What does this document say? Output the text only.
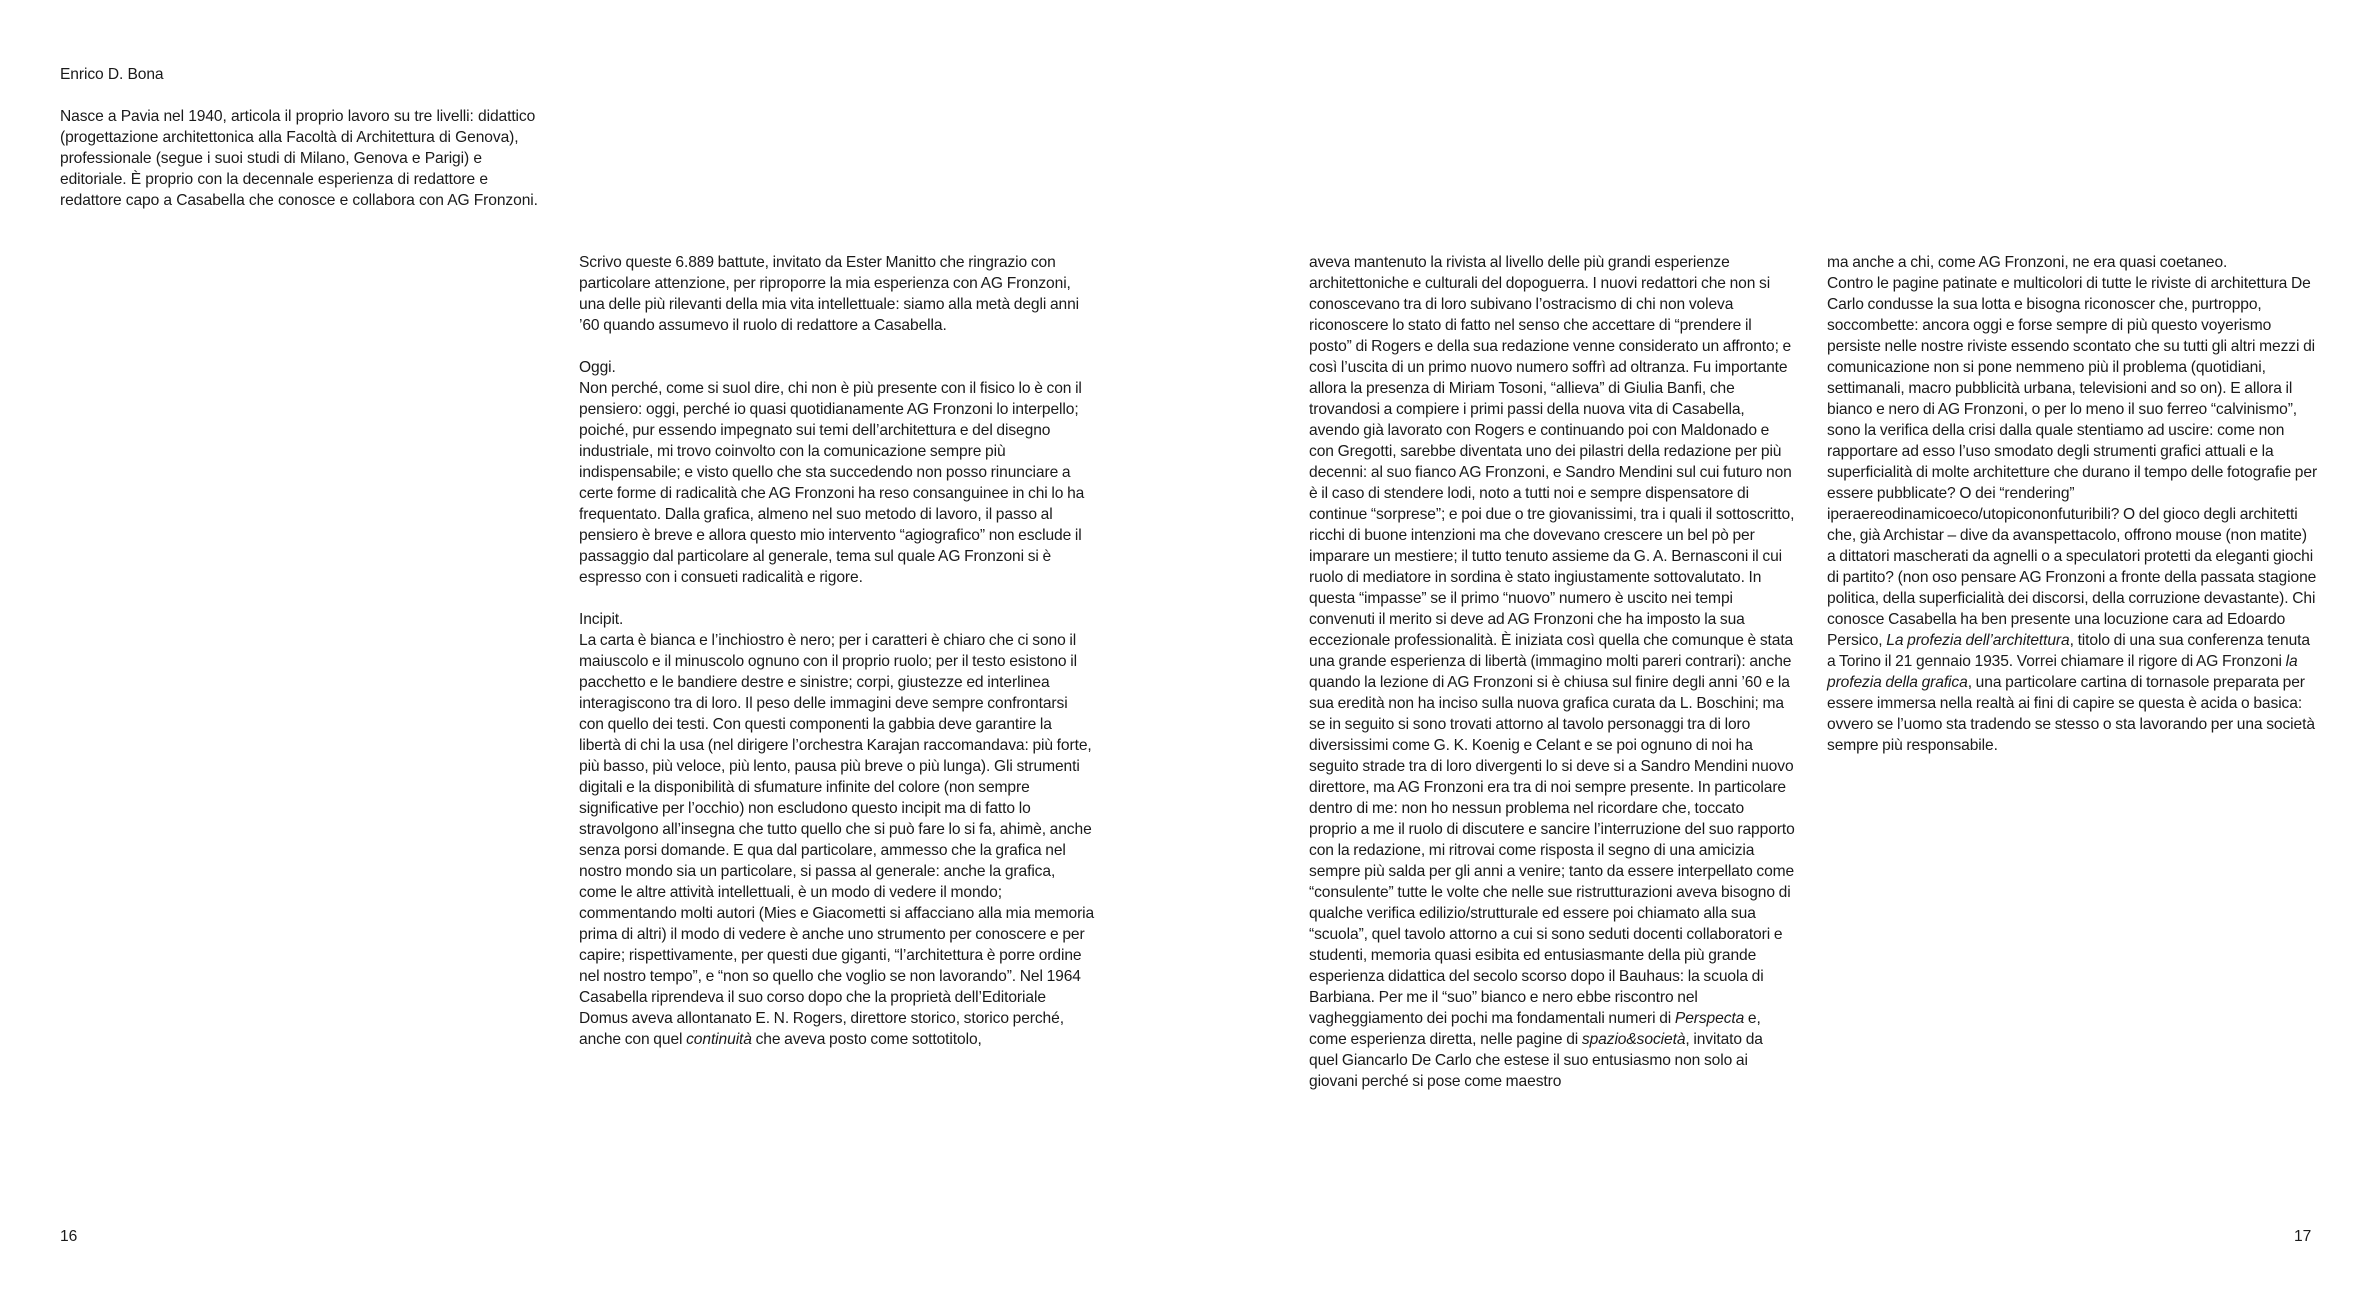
Enrico D. Bona

Nasce a Pavia nel 1940, articola il proprio lavoro su tre livelli: didattico (progettazione architettonica alla Facoltà di Architettura di Genova), professionale (segue i suoi studi di Milano, Genova e Parigi) e editoriale. È proprio con la decennale esperienza di redattore e redattore capo a Casabella che conosce e collabora con AG Fronzoni.

Scrivo queste 6.889 battute, invitato da Ester Manitto che ringrazio con particolare attenzione, per riproporre la mia esperienza con AG Fronzoni, una delle più rilevanti della mia vita intellettuale: siamo alla metà degli anni ’60 quando assumevo il ruolo di redattore a Casabella.

Oggi.

Non perché, come si suol dire, chi non è più presente con il fisico lo è con il pensiero: oggi, perché io quasi quotidianamente AG Fronzoni lo interpello; poiché, pur essendo impegnato sui temi dell’architettura e del disegno industriale, mi trovo coinvolto con la comunicazione sempre più indispensabile; e visto quello che sta succedendo non posso rinunciare a certe forme di radicalità che AG Fronzoni ha reso consanguinee in chi lo ha frequentato. Dalla grafica, almeno nel suo metodo di lavoro, il passo al pensiero è breve e allora questo mio intervento “agiografico” non esclude il passaggio dal particolare al generale, tema sul quale AG Fronzoni si è espresso con i consueti radicalità e rigore.

Incipit.

La carta è bianca e l’inchiostro è nero; per i caratteri è chiaro che ci sono il maiuscolo e il minuscolo ognuno con il proprio ruolo; per il testo esistono il pacchetto e le bandiere destre e sinistre; corpi, giustezze ed interlinea interagiscono tra di loro. Il peso delle immagini deve sempre confrontarsi con quello dei testi. Con questi componenti la gabbia deve garantire la libertà di chi la usa (nel dirigere l’orchestra Karajan raccomandava: più forte, più basso, più veloce, più lento, pausa più breve o più lunga). Gli strumenti digitali e la disponibilità di sfumature infinite del colore (non sempre significative per l’occhio) non escludono questo incipit ma di fatto lo stravolgono all’insegna che tutto quello che si può fare lo si fa, ahimè, anche senza porsi domande. E qua dal particolare, ammesso che la grafica nel nostro mondo sia un particolare, si passa al generale: anche la grafica, come le altre attività intellettuali, è un modo di vedere il mondo; commentando molti autori (Mies e Giacometti si affacciano alla mia memoria prima di altri) il modo di vedere è anche uno strumento per conoscere e per capire; rispettivamente, per questi due giganti, “l’architettura è porre ordine nel nostro tempo”, e “non so quello che voglio se non lavorando”. Nel 1964 Casabella riprendeva il suo corso dopo che la proprietà dell’Editoriale Domus aveva allontanato E. N. Rogers, direttore storico, storico perché, anche con quel continuità che aveva posto come sottotitolo,

16	17

aveva mantenuto la rivista al livello delle più grandi esperienze architettoniche e culturali del dopoguerra. I nuovi redattori che non si conoscevano tra di loro subivano l’ostracismo di chi non voleva riconoscere lo stato di fatto nel senso che accettare di “prendere il posto” di Rogers e della sua redazione venne considerato un affronto; e così l’uscita di un primo nuovo numero soffrì ad oltranza. Fu importante allora la presenza di Miriam Tosoni, “allieva” di Giulia Banfi, che trovandosi a compiere i primi passi della nuova vita di Casabella, avendo già lavorato con Rogers e continuando poi con Maldonado e con Gregotti, sarebbe diventata uno dei pilastri della redazione per più decenni: al suo fianco AG Fronzoni, e Sandro Mendini sul cui futuro non è il caso di stendere lodi, noto a tutti noi e sempre dispensatore di continue “sorprese”; e poi due o tre giovanissimi, tra i quali il sottoscritto, ricchi di buone intenzioni ma che dovevano crescere un bel pò per imparare un mestiere; il tutto tenuto assieme da G. A. Bernasconi il cui ruolo di mediatore in sordina è stato ingiustamente sottovalutato. In questa “impasse” se il primo “nuovo” numero è uscito nei tempi convenuti il merito si deve ad AG Fronzoni che ha imposto la sua eccezionale professionalità. È iniziata così quella che comunque è stata una grande esperienza di libertà (immagino molti pareri contrari): anche quando la lezione di AG Fronzoni si è chiusa sul finire degli anni ’60 e la sua eredità non ha inciso sulla nuova grafica curata da L. Boschini; ma se in seguito si sono trovati attorno al tavolo personaggi tra di loro diversissimi come G. K. Koenig e Celant e se poi ognuno di noi ha seguito strade tra di loro divergenti lo si deve si a Sandro Mendini nuovo direttore, ma AG Fronzoni era tra di noi sempre presente. In particolare dentro di me: non ho nessun problema nel ricordare che, toccato proprio a me il ruolo di discutere e sancire l’interruzione del suo rapporto con la redazione, mi ritrovai come risposta il segno di una amicizia sempre più salda per gli anni a venire; tanto da essere interpellato come “consulente” tutte le volte che nelle sue ristrutturazioni aveva bisogno di qualche verifica edilizio/strutturale ed essere poi chiamato alla sua “scuola”, quel tavolo attorno a cui si sono seduti docenti collaboratori e studenti, memoria quasi esibita ed entusiasmante della più grande esperienza didattica del secolo scorso dopo il Bauhaus: la scuola di Barbiana. Per me il “suo” bianco e nero ebbe riscontro nel vagheggiamento dei pochi ma fondamentali numeri di Perspecta e, come esperienza diretta, nelle pagine di spazio&società, invitato da quel Giancarlo De Carlo che estese il suo entusiasmo non solo ai giovani perché si pose come maestro

ma anche a chi, come AG Fronzoni, ne era quasi coetaneo.
Contro le pagine patinate e multicolori di tutte le riviste di architettura De Carlo condusse la sua lotta e bisogna riconoscer che, purtroppo, soccombette: ancora oggi e forse sempre di più questo voyerismo persiste nelle nostre riviste essendo scontato che su tutti gli altri mezzi di comunicazione non si pone nemmeno più il problema (quotidiani, settimanali, macro pubblicità urbana, televisioni and so on). E allora il bianco e nero di AG Fronzoni, o per lo meno il suo ferreo “calvinismo”, sono la verifica della crisi dalla quale stentiamo ad uscire: come non rapportare ad esso l’uso smodato degli strumenti grafici attuali e la superficialità di molte architetture che durano il tempo delle fotografie per essere pubblicate? O dei “rendering” iperaereodinamicoeco/utopicononfuturibili? O del gioco degli architetti che, già Archistar – dive da avanspettacolo, offrono mouse (non matite) a dittatori mascherati da agnelli o a speculatori protetti da eleganti giochi di partito? (non oso pensare AG Fronzoni a fronte della passata stagione politica, della superficialità dei discorsi, della corruzione devastante). Chi conosce Casabella ha ben presente una locuzione cara ad Edoardo Persico, La profezia dell’architettura, titolo di una sua conferenza tenuta a Torino il 21 gennaio 1935. Vorrei chiamare il rigore di AG Fronzoni la profezia della grafica, una particolare cartina di tornasole preparata per essere immersa nella realtà ai fini di capire se questa è acida o basica: ovvero se l’uomo sta tradendo se stesso o sta lavorando per una società sempre più responsabile.
